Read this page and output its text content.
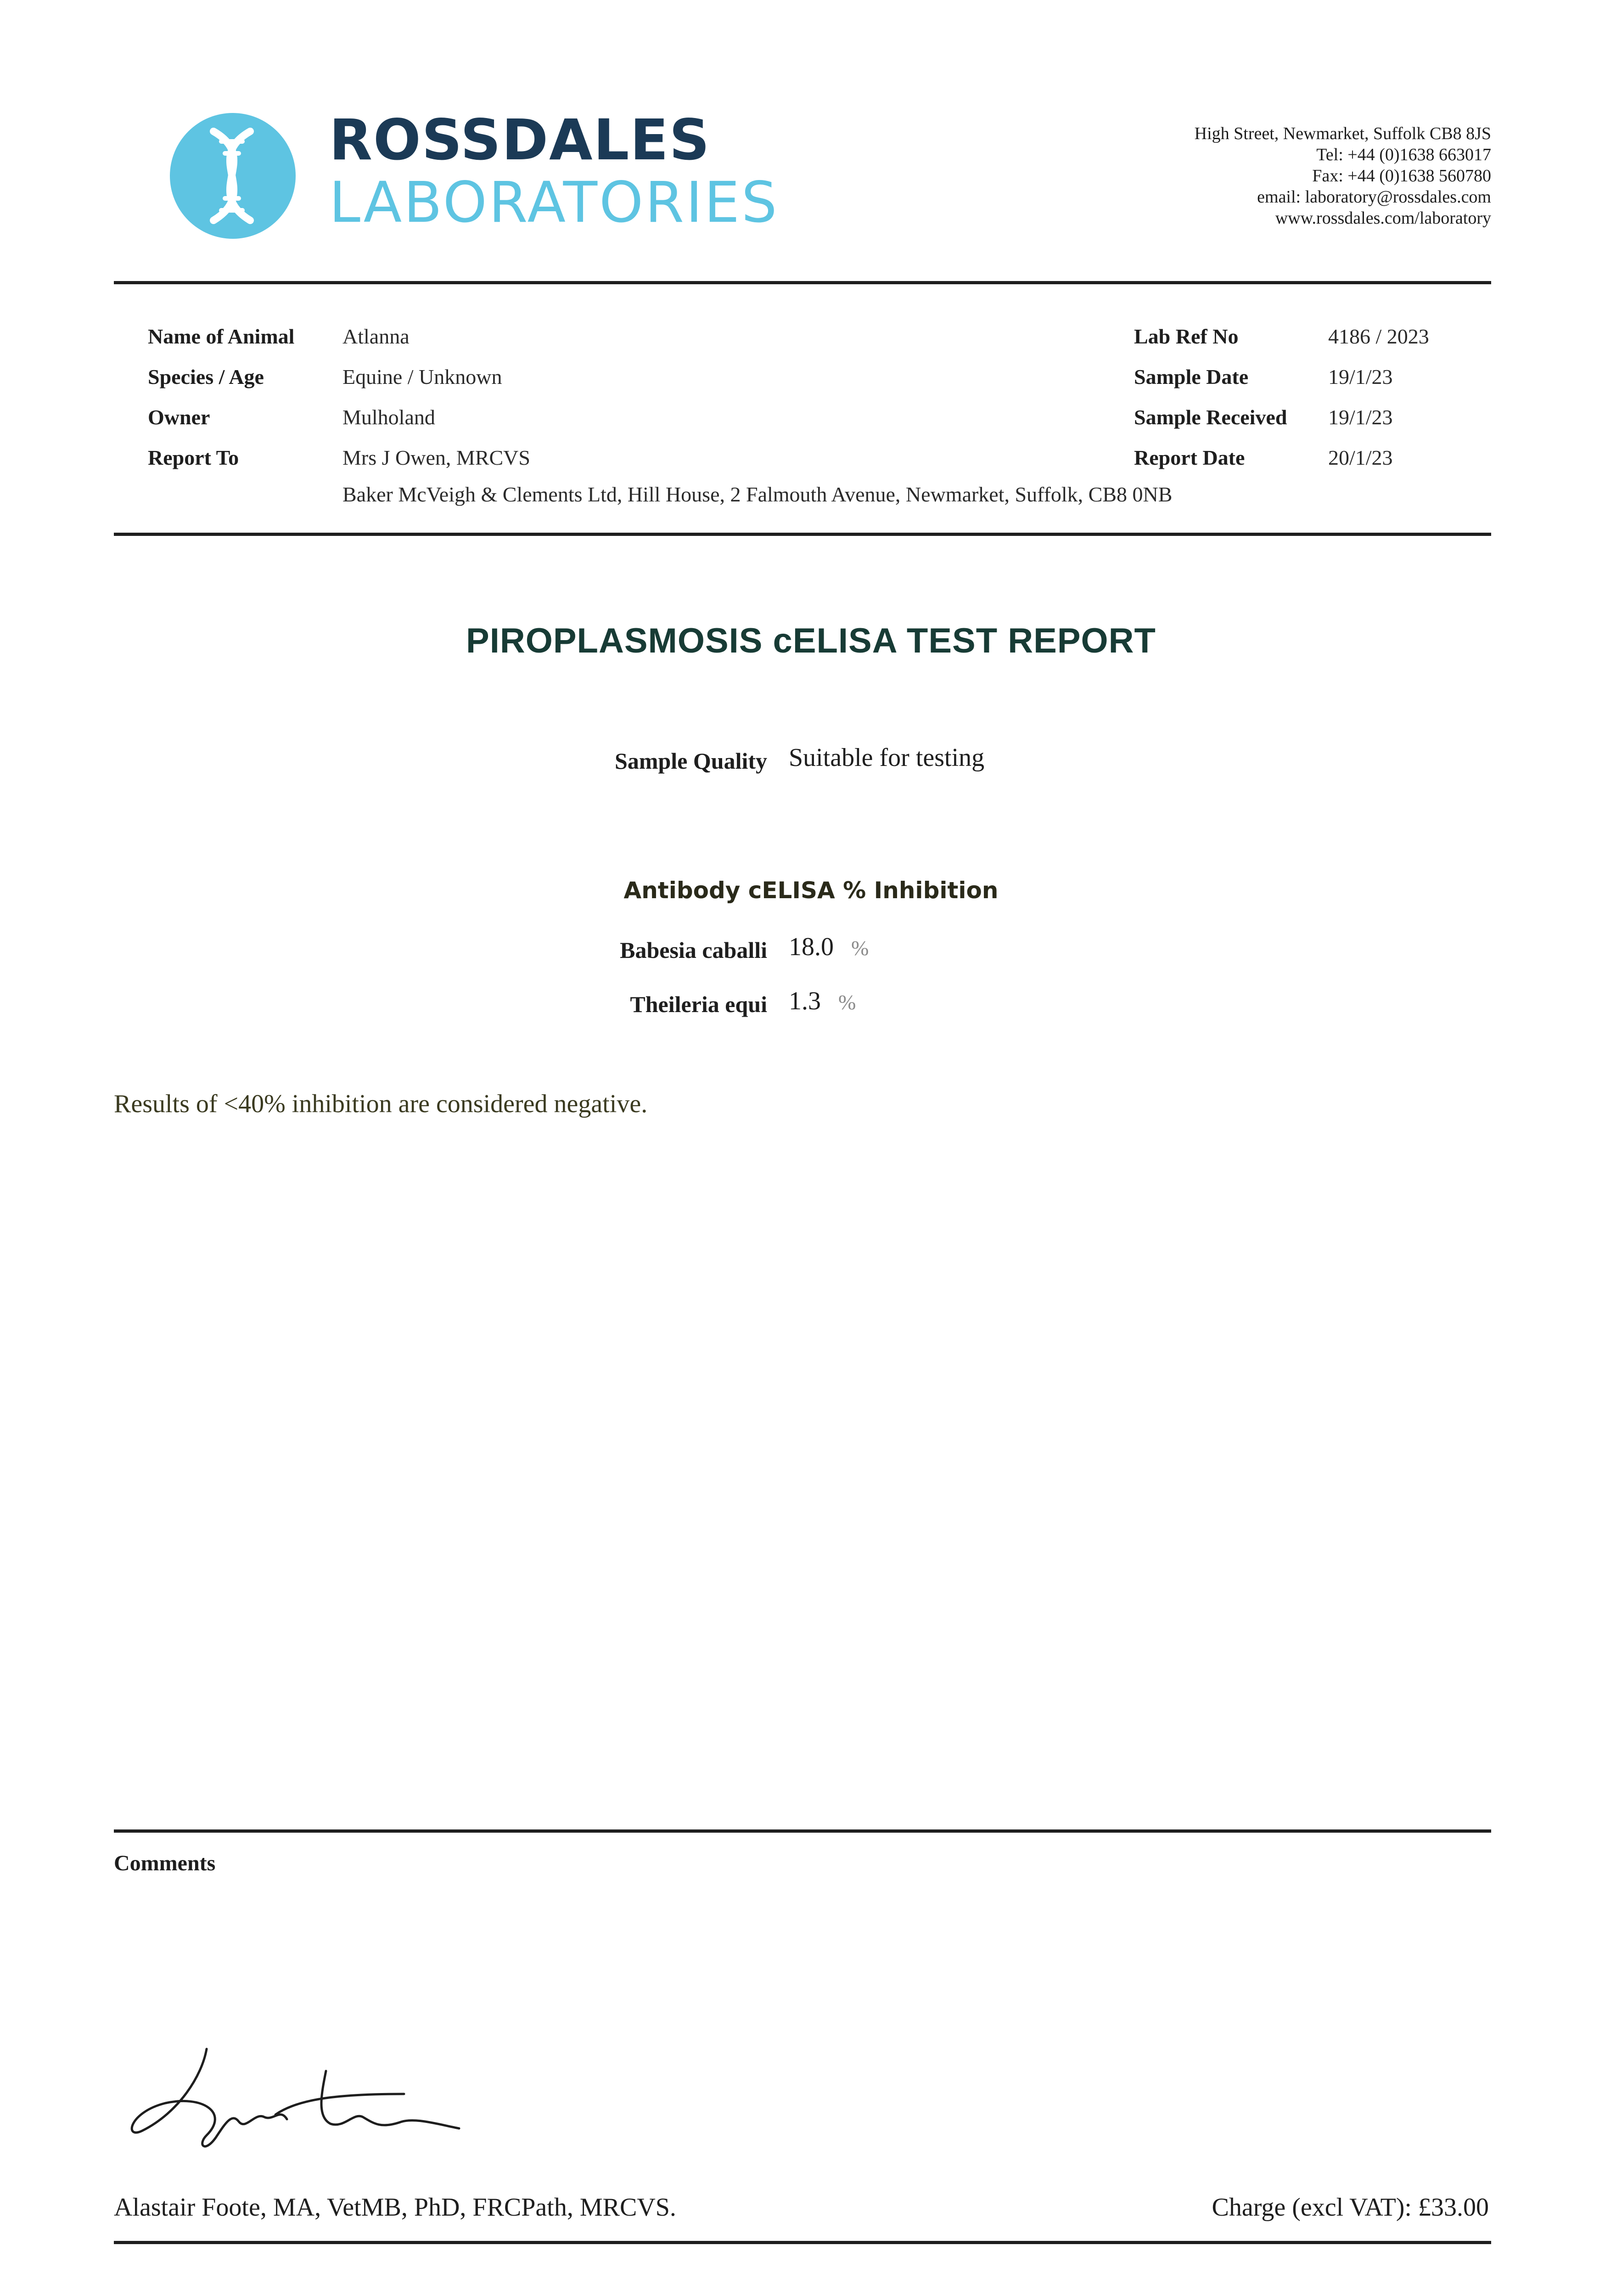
ROSSDALES
LABORATORIES
High Street, Newmarket, Suffolk CB8 8JS
Tel: +44 (0)1638 663017
Fax: +44 (0)1638 560780
email: laboratory@rossdales.com
www.rossdales.com/laboratory
Name of Animal Atlanna
Species / Age	Equine / Unknown
Owner	Mulholand
Report To	Mrs J Owen, MRCVS
Baker McVeigh & Clements Ltd, Hill House, 2 Falmouth Avenue, Newmarket, Suffolk, CB8 0NB
Lab Ref No	4186 / 2023
Sample Date	19/1/23
Sample Received 19/1/23
Report Date	20/1/23
PIROPLASMOSIS cELISA TEST REPORT
Sample Quality Suitable for testing
Antibody cELISA % Inhibition
Babesia caballi 18.0 %
Theileria equi 1.3 %
Results of <40% inhibition are considered negative.
Comments
Alastair Foote, MA, VetMB, PhD, FRCPath, MRCVS.	Charge (excl VAT): £33.00
